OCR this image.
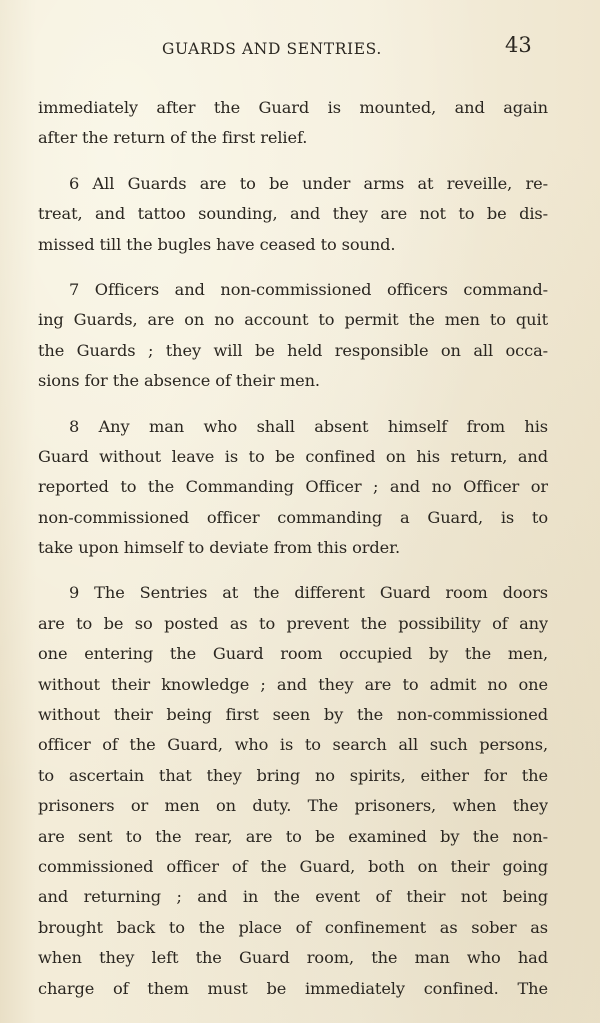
GUARDS AND SENTRIES.	43
immediately after the Guard is mounted, and again
after the return of the first relief.
6 All Guards are to be under arms at reveille, re-
treat, and tattoo sounding, and they are not to be dis-
missed till the bugles have ceased to sound.
7 Officers and non-commissioned officers command-
ing Guards, are on no account to permit the men to quit
the Guards ; they will be held responsible on all occa-
sions for the absence of their men.
8 Any man who shall absent himself from his
Guard without leave is to be confined on his return, and
reported to the Commanding Officer ; and no Officer or
non-commissioned officer commanding a Guard, is to
take upon himself to deviate from this order.
9 The Sentries at the different Guard room doors
are to be so posted as to prevent the possibility of any
one entering the Guard room occupied by the men,
without their knowledge ; and they are to admit no one
without their being first seen by the non-commissioned
officer of the Guard, who is to search all such persons,
to ascertain that they bring no spirits, either for the
prisoners or men on duty. The prisoners, when they
are sent to the rear, are to be examined by the non-
commissioned officer of the Guard, both on their going
and returning ; and in the event of their not being
brought back to the place of confinement as sober as
when they left the Guard room, the man who had
charge of them must be immediately confined. The
